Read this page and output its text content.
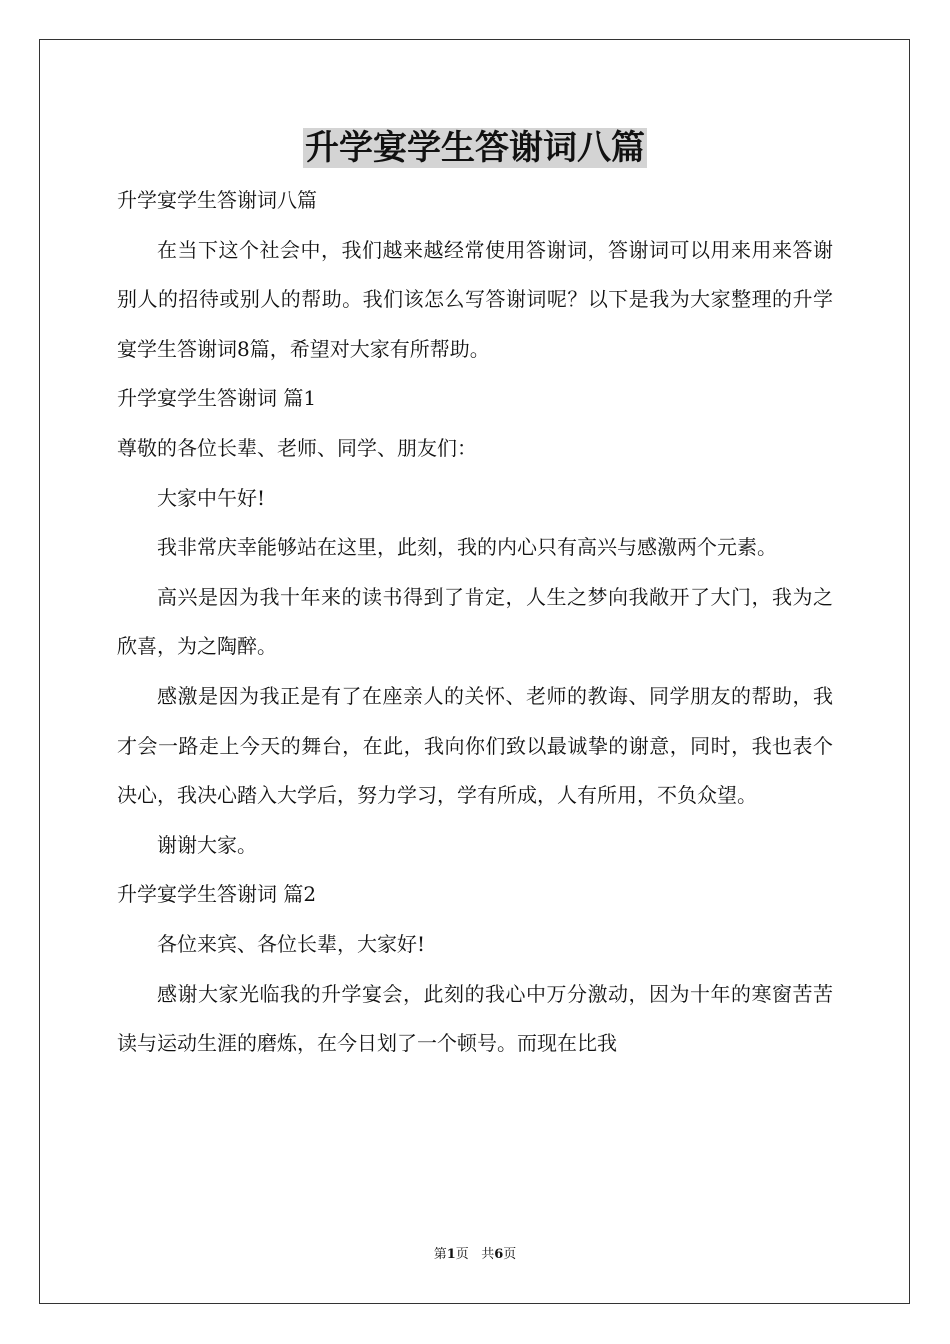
升学宴学生答谢词八篇

升学宴学生答谢词八篇

在当下这个社会中，我们越来越经常使用答谢词，答谢词可以用来用来答谢别人的招待或别人的帮助。我们该怎么写答谢词呢？以下是我为大家整理的升学宴学生答谢词8篇，希望对大家有所帮助。

升学宴学生答谢词 篇1

尊敬的各位长辈、老师、同学、朋友们：

大家中午好!

我非常庆幸能够站在这里，此刻，我的内心只有高兴与感激两个元素。

高兴是因为我十年来的读书得到了肯定，人生之梦向我敞开了大门，我为之欣喜，为之陶醉。

感激是因为我正是有了在座亲人的关怀、老师的教诲、同学朋友的帮助，我才会一路走上今天的舞台，在此，我向你们致以最诚挚的谢意，同时，我也表个决心，我决心踏入大学后，努力学习，学有所成，人有所用，不负众望。

谢谢大家。

升学宴学生答谢词 篇2

各位来宾、各位长辈，大家好!

感谢大家光临我的升学宴会，此刻的我心中万分激动，因为十年的寒窗苦苦读与运动生涯的磨炼，在今日划了一个顿号。而现在比我

第1页 共6页
